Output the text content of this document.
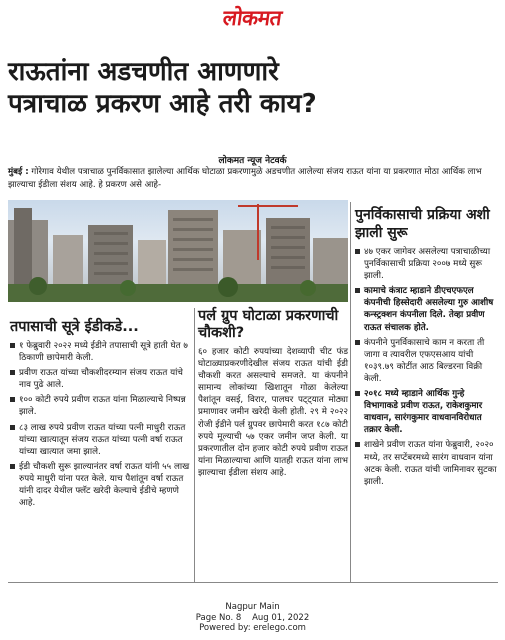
लोकमत
राऊतांना अडचणीत आणणारे
पत्राचाळ प्रकरण आहे तरी काय?
लोकमत न्यूज नेटवर्क
मुंबई : गोरेगाव येथील पत्राचाळ पुनर्विकासात झालेल्या आर्थिक घोटाळा प्रकरणामुळे अडचणीत आलेल्या संजय राऊत यांना या प्रकरणात मोठा आर्थिक लाभ झाल्याचा ईडीला संशय आहे. हे प्रकरण असे आहे-
तपासाची सूत्रे ईडीकडे...
१ फेब्रुवारी २०२२ मध्ये ईडीने तपासाची सूत्रे हाती घेत ७ ठिकाणी छापेमारी केली.
प्रवीण राऊत यांच्या चौकशीदरम्यान संजय राऊत यांचे नाव पुढे आले.
१०० कोटी रुपये प्रवीण राऊत यांना मिळाल्याचे निष्पन्न झाले.
८३ लाख रुपये प्रवीण राऊत यांच्या पत्नी माधुरी राऊत यांच्या खात्यातून संजय राऊत यांच्या पत्नी वर्षा राऊत यांच्या खात्यात जमा झाले.
ईडी चौकशी सुरू झाल्यानंतर वर्षा राऊत यांनी ५५ लाख रुपये माधुरी यांना परत केले. याच पैशांतून वर्षा राऊत यांनी दादर येथील फ्लॅट खरेदी केल्याचे ईडीचे म्हणणे आहे.
पर्ल ग्रुप घोटाळा प्रकरणाची चौकशी?

६० हजार कोटी रुपयांच्या देशव्यापी चीट फंड घोटाळ्याप्रकरणीदेखील संजय राऊत यांची ईडी चौकशी करत असल्याचे समजते. या कंपनीने सामान्य लोकांच्या खिशातून गोळा केलेल्या पैशांतून वसई, विरार, पालघर पट्ट्यात मोठ्या प्रमाणावर जमीन खरेदी केली होती. २९ मे २०२२ रोजी ईडीने पर्ल ग्रुपवर छापेमारी करत १८७ कोटी रुपये मूल्याची ५७ एकर जमीन जप्त केली. या प्रकरणातील दोन हजार कोटी रुपये प्रवीण राऊत यांना मिळाल्याचा आणि यातही राऊत यांना लाभ झाल्याचा ईडीला संशय आहे.

पुनर्विकासाची प्रक्रिया अशी झाली सुरू
४७ एकर जागेवर असलेल्या पत्राचाळीच्या पुनर्विकासाची प्रक्रिया २००७ मध्ये सुरू झाली.
कामाचे कंत्राट म्हाडाने डीएचएफएल कंपनीची हिस्सेदारी असलेल्या गुरु आशीष कन्स्ट्रक्शन कंपनीला दिले. तेव्हा प्रवीण राऊत संचालक होते.
कंपनीने पुनर्विकासाचे काम न करता ती जागा व त्यावरील एफएसआय यांची १०३९.७९ कोटींत आठ बिल्डरना विक्री केली.
२०१८ मध्ये म्हाडाने आर्थिक गुन्हे विभागाकडे प्रवीण राऊत, राकेशकुमार वाधवान, सारंगकुमार वाधवानविरोधात तक्रार केली.
शाखेने प्रवीण राऊत यांना फेब्रुवारी, २०२० मध्ये, तर सप्टेंबरमध्ये सारंग वाधवान यांना अटक केली. राऊत यांची जामिनावर सुटका झाली.
Nagpur Main
Page No. 8    Aug 01, 2022
Powered by: erelego.com
